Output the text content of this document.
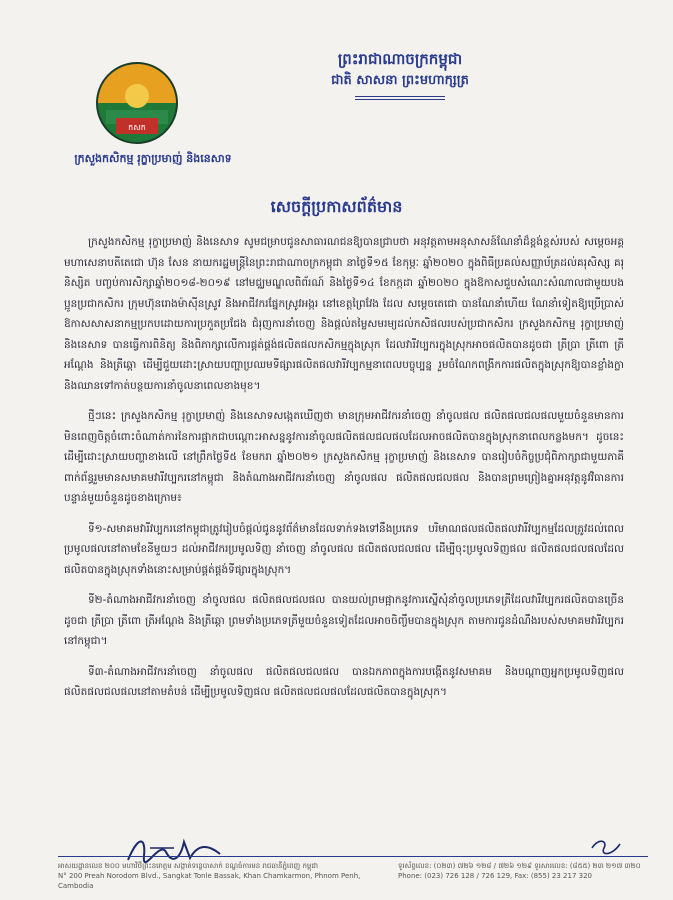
ព្រះរាជាណាចក្រកម្ពុជា
ជាតិ សាសនា ព្រះមហាក្សត្រ
កសក
ក្រសួងកសិកម្ម រុក្ខាប្រមាញ់ និងនេសាទ
សេចក្ដីប្រកាសព័ត៌មាន

ក្រសួងកសិកម្ម រុក្ខាប្រមាញ់ និងនេសាទ សូមជម្រាបជូនសាធារណជនឱ្យបានជ្រាបថា អនុវត្តតាមអនុសាសន៍ណែនាំដ៏ខ្ពង់ខ្ពស់របស់ សម្ដេចអគ្គមហាសេនាបតីតេជោ ហ៊ុន សែន នាយករដ្ឋមន្ត្រីនៃព្រះរាជាណាចក្រកម្ពុជា នាថ្ងៃទី១៥ ខែកុម្ភៈ ឆ្នាំ២០២០ ក្នុងពិធីប្រគល់សញ្ញាប័ត្រដល់គរុសិស្ស គរុនិស្សិត បញ្ចប់ការសិក្សាឆ្នាំ២០១៨-២០១៩ នៅមជ្ឈមណ្ឌលពិព័រណ៍ និងថ្ងៃទី១៤ ខែកក្កដា ឆ្នាំ២០២០ ក្នុងឱកាសជួបសំណេះសំណាលជាមួយបងប្អូនប្រជាកសិករ ក្រុមហ៊ុនរោងម៉ាស៊ីនស្រូវ និងអាជីវករផ្នែកស្រូវអង្ករ នៅខេត្តព្រៃវែង ដែល សម្ដេចតេជោ បានណែនាំហើយ ណែនាំទៀតឱ្យប្រើប្រាស់ឱកាសសាសនាកម្មប្រកបដោយការប្រកួតប្រជែង ជំរុញការនាំចេញ និងផ្តល់តម្លៃសមរម្យដល់កសិផលរបស់ប្រជាកសិករ ក្រសួងកសិកម្ម រុក្ខាប្រមាញ់ និងនេសាទ បានធ្វើការពិនិត្យ និងពិភាក្សាលើការផ្គត់ផ្គង់ផលិតផលកសិកម្មក្នុងស្រុក ដែលវារីវប្បករក្នុងស្រុកអាចផលិតបានដូចជា ត្រីប្រា ត្រីពោ ត្រីអណ្ដែង និងត្រីឆ្ដោ ដើម្បីជួយដោះស្រាយបញ្ហាប្រឈមទីផ្សារផលិតផលវារីវប្បកម្មនាពេលបច្ចុប្បន្ន រួមចំណែកពង្រីកការផលិតក្នុងស្រុកឱ្យបានខ្លាំងក្លា និងឈានទៅកាត់បន្ថយការនាំចូលនាពេលខាងមុខ។

ថ្មីៗនេះ ក្រសួងកសិកម្ម រុក្ខាប្រមាញ់ និងនេសាទសង្កេតឃើញថា មានក្រុមអាជីវករនាំចេញ នាំចូលផល ផលិតផលជលផលមួយចំនួនមានការមិនពេញចិត្តចំពោះចំណាត់ការនៃការផ្អាកជាបណ្ដោះអាសន្ននូវការនាំចូលផលិតផលជលផលដែលអាចផលិតបានក្នុងស្រុកនាពេលកន្លងមក។ ដូចនេះ ដើម្បីដោះស្រាយបញ្ហាខាងលើ នៅព្រឹកថ្ងៃទី៥ ខែមករា ឆ្នាំ២០២១ ក្រសួងកសិកម្ម រុក្ខាប្រមាញ់ និងនេសាទ បានរៀបចំកិច្ចប្រជុំពិភាក្សាជាមួយភាគីពាក់ព័ន្ធរួមមានសមាគមវារីវប្បករនៅកម្ពុជា និងតំណាងអាជីវករនាំចេញ នាំចូលផល ផលិតផលជលផល និងបានព្រមព្រៀងគ្នាអនុវត្តនូវវិធានការបន្ទាន់មួយចំនួនដូចខាងក្រោម៖

ទី១-សមាគមវារីវប្បករនៅកម្ពុជាត្រូវរៀបចំផ្ដល់ជូននូវព័ត៌មានដែលទាក់ទងទៅនឹងប្រភេទ បរិមាណផលផលិតផលវារីវប្បកម្មដែលត្រូវដល់ពេលប្រមូលផលនៅតាមខែនីមួយៗ ដល់អាជីវករប្រមូលទិញ នាំចេញ នាំចូលផល ផលិតផលជលផល ដើម្បីចុះប្រមូលទិញផល ផលិតផលជលផលដែលផលិតបានក្នុងស្រុកទាំងនោះសម្រាប់ផ្គត់ផ្គង់ទីផ្សារក្នុងស្រុក។

ទី២-តំណាងអាជីវករនាំចេញ នាំចូលផល ផលិតផលជលផល បានយល់ព្រមផ្អាកនូវការស្នើសុំនាំចូលប្រភេទត្រីដែលវារីវប្បករផលិតបានច្រើនដូចជា ត្រីប្រា ត្រីពោ ត្រីអណ្ដែង និងត្រីឆ្ដោ ព្រមទាំងប្រភេទត្រីមួយចំនួនទៀតដែលអាចចិញ្ចឹមបានក្នុងស្រុក តាមការជូនដំណឹងរបស់សមាគមវារីវប្បករនៅកម្ពុជា។

ទី៣-តំណាងអាជីវករនាំចេញ នាំចូលផល ផលិតផលជលផល បានឯកភាពក្នុងការបង្កើតនូវសមាគម និងបណ្ដាញអ្នកប្រមូលទិញផល ផលិតផលជលផលនៅតាមតំបន់ ដើម្បីប្រមូលទិញផល ផលិតផលជលផលដែលផលិតបានក្នុងស្រុក។

អាសយដ្ឋានលេខ ២០០ មហាវិថីព្រះនរោត្តម សង្កាត់ទន្លេបាសាក់ ខណ្ឌចំការមន រាជធានីភ្នំពេញ កម្ពុជា
N° 200 Preah Norodom Blvd., Sangkat Tonle Bassak, Khan Chamkarmon, Phnom Penh, Cambodia
ទូរស័ព្ទលេខ: (០២៣) ៧២៦ ១២៨ / ៧២៦ ១២៩ ទូរសារលេខ: (៨៥៥) ២៣ ២១៧ ៣២០
Phone: (023) 726 128 / 726 129, Fax: (855) 23 217 320
